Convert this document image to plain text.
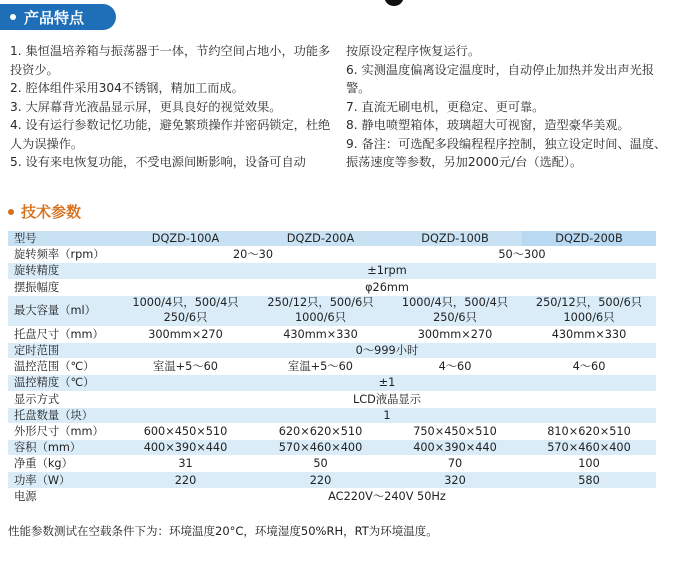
产品特点

1. 集恒温培养箱与振荡器于一体，节约空间占地小，功能多投资少。

2. 腔体组件采用304不锈钢，精加工而成。

3. 大屏幕背光液晶显示屏，更具良好的视觉效果。

4. 设有运行参数记忆功能，避免繁琐操作并密码锁定，杜绝人为误操作。

5. 设有来电恢复功能，不受电源间断影响，设备可自动

按原设定程序恢复运行。

6. 实测温度偏离设定温度时，自动停止加热并发出声光报警。

7. 直流无刷电机，更稳定、更可靠。

8. 静电喷塑箱体，玻璃超大可视窗，造型豪华美观。

9. 备注：可选配多段编程程序控制，独立设定时间、温度、振荡速度等参数，另加2000元/台（选配）。

技术参数
型号	DQZD-100A	DQZD-200A	DQZD-100B	DQZD-200B
旋转频率（rpm）	20～30		50～300	
旋转精度	±1rpm			
摆振幅度	φ26mm			
最大容量（ml）	1000/4只，500/4只 250/6只	250/12只，500/6只 1000/6只	1000/4只，500/4只 250/6只	250/12只，500/6只 1000/6只
托盘尺寸（mm）	300mm×270	430mm×330	300mm×270	430mm×330
定时范围	0～999小时			
温控范围（℃）	室温+5～60	室温+5～60	4～60	4～60
温控精度（℃）	±1			
显示方式	LCD液晶显示			
托盘数量（块）	1			
外形尺寸（mm）	600×450×510	620×620×510	750×450×510	810×620×510
容积（mm）	400×390×440	570×460×400	400×390×440	570×460×400
净重（kg）	31	50	70	100
功率（W）	220	220	320	580
电源	AC220V～240V 50Hz			
性能参数测试在空载条件下为：环境温度20°C，环境湿度50%RH，RT为环境温度。
